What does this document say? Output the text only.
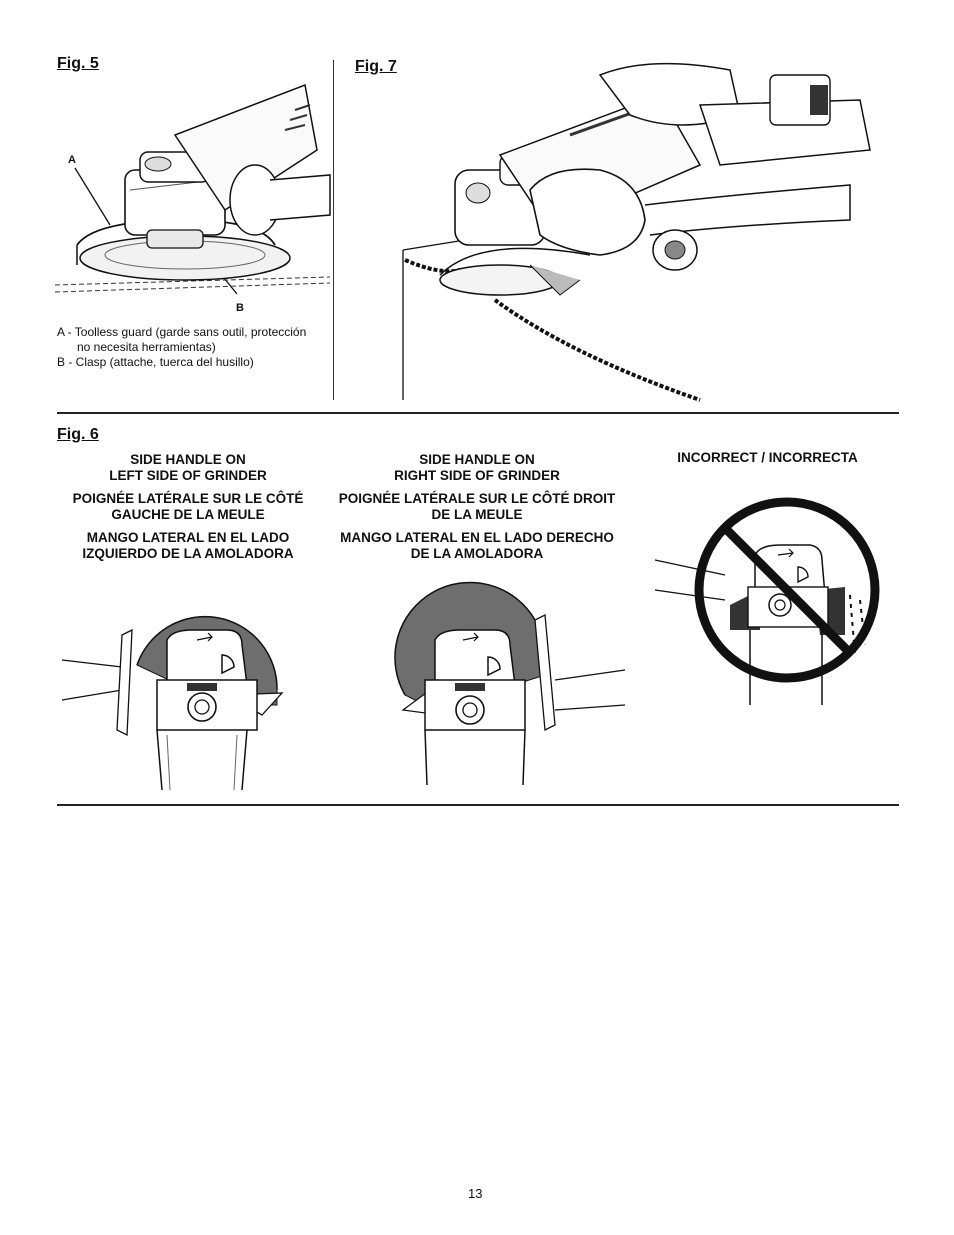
Fig. 5
A
B
A - Toolless guard (garde sans outil, protección
no necesita herramientas)
B - Clasp (attache, tuerca del husillo)
Fig. 7
Fig. 6

SIDE HANDLE ON
LEFT SIDE OF GRINDER

POIGNÉE LATÉRALE SUR LE CÔTÉ
GAUCHE DE LA MEULE

MANGO LATERAL EN EL LADO
IZQUIERDO DE LA AMOLADORA

SIDE HANDLE ON
RIGHT SIDE OF GRINDER

POIGNÉE LATÉRALE SUR LE CÔTÉ DROIT
DE LA MEULE

MANGO LATERAL EN EL LADO DERECHO
DE LA AMOLADORA

INCORRECT / INCORRECTA
13
